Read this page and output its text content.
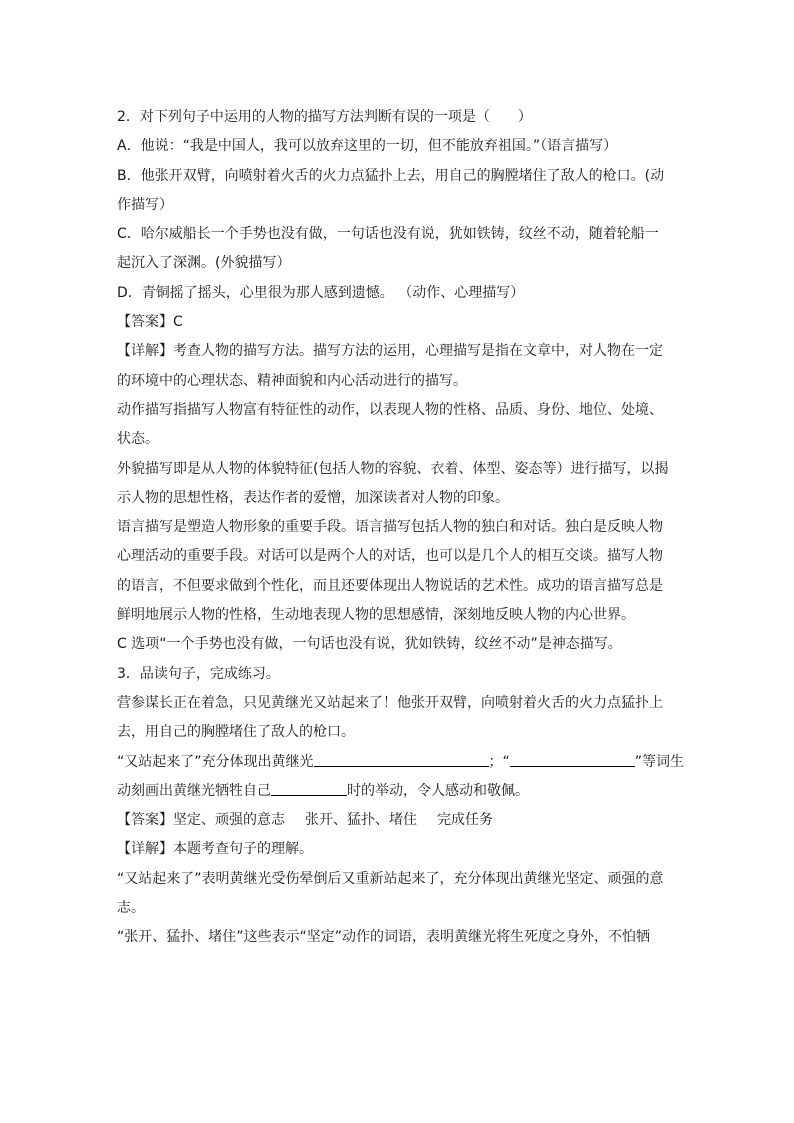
2．对下列句子中运用的人物的描写方法判断有误的一项是（　　）
A．他说：“我是中国人，我可以放弃这里的一切，但不能放弃祖国。”（语言描写）
B．他张开双臂，向喷射着火舌的火力点猛扑上去，用自己的胸膛堵住了敌人的枪口。(动
作描写）
C．哈尔威船长一个手势也没有做，一句话也没有说，犹如铁铸，纹丝不动，随着轮船一
起沉入了深渊。(外貌描写）
D．青铜摇了摇头，心里很为那人感到遗憾。 （动作、心理描写）
【答案】C
【详解】考查人物的描写方法。描写方法的运用，心理描写是指在文章中，对人物在一定
的环境中的心理状态、精神面貌和内心活动进行的描写。
动作描写指描写人物富有特征性的动作，以表现人物的性格、品质、身份、地位、处境、
状态。
外貌描写即是从人物的体貌特征(包括人物的容貌、衣着、体型、姿态等）进行描写，以揭
示人物的思想性格，表达作者的爱憎，加深读者对人物的印象。
语言描写是塑造人物形象的重要手段。语言描写包括人物的独白和对话。独白是反映人物
心理活动的重要手段。对话可以是两个人的对话，也可以是几个人的相互交谈。描写人物
的语言，不但要求做到个性化，而且还要体现出人物说话的艺术性。成功的语言描写总是
鲜明地展示人物的性格，生动地表现人物的思想感情，深刻地反映人物的内心世界。
C 选项“一个手势也没有做，一句话也没有说，犹如铁铸，纹丝不动”是神态描写。
3．品读句子，完成练习。
营参谋长正在着急，只见黄继光又站起来了！他张开双臂，向喷射着火舌的火力点猛扑上
去，用自己的胸膛堵住了敌人的枪口。
“又站起来了”充分体现出黄继光	；“	”等词生
动刻画出黄继光牺牲自己	时的举动，令人感动和敬佩。
【答案】坚定、顽强的意志 张开、猛扑、堵住 完成任务
【详解】本题考查句子的理解。
“又站起来了”表明黄继光受伤晕倒后又重新站起来了，充分体现出黄继光坚定、顽强的意
志。
“张开、猛扑、堵住”这些表示“坚定”动作的词语，表明黄继光将生死度之身外，不怕牺
